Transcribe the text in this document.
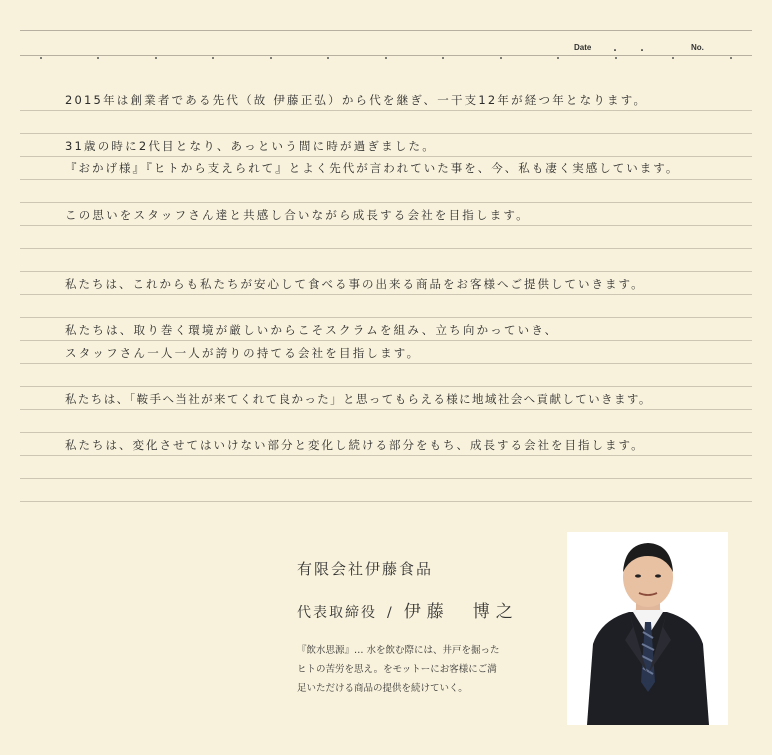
Date ・ ・	No.
2015年は創業者である先代（故 伊藤正弘）から代を継ぎ、一干支12年が経つ年となります。
31歳の時に2代目となり、あっという間に時が過ぎました。
『おかげ様』『ヒトから支えられて』とよく先代が言われていた事を、今、私も凄く実感しています。
この思いをスタッフさん達と共感し合いながら成長する会社を目指します。
私たちは、これからも私たちが安心して食べる事の出来る商品をお客様へご提供していきます。
私たちは、取り巻く環境が厳しいからこそスクラムを組み、立ち向かっていき、
スタッフさん一人一人が誇りの持てる会社を目指します。
私たちは、「鞍手へ当社が来てくれて良かった」と思ってもらえる様に地域社会へ貢献していきます。
私たちは、変化させてはいけない部分と変化し続ける部分をもち、成長する会社を目指します。
有限会社伊藤食品
代表取締役 / 伊藤　博之
『飲水思源』… 水を飲む際には、井戸を掘った
ヒトの苦労を思え。をモットーにお客様にご満
足いただける商品の提供を続けていく。
